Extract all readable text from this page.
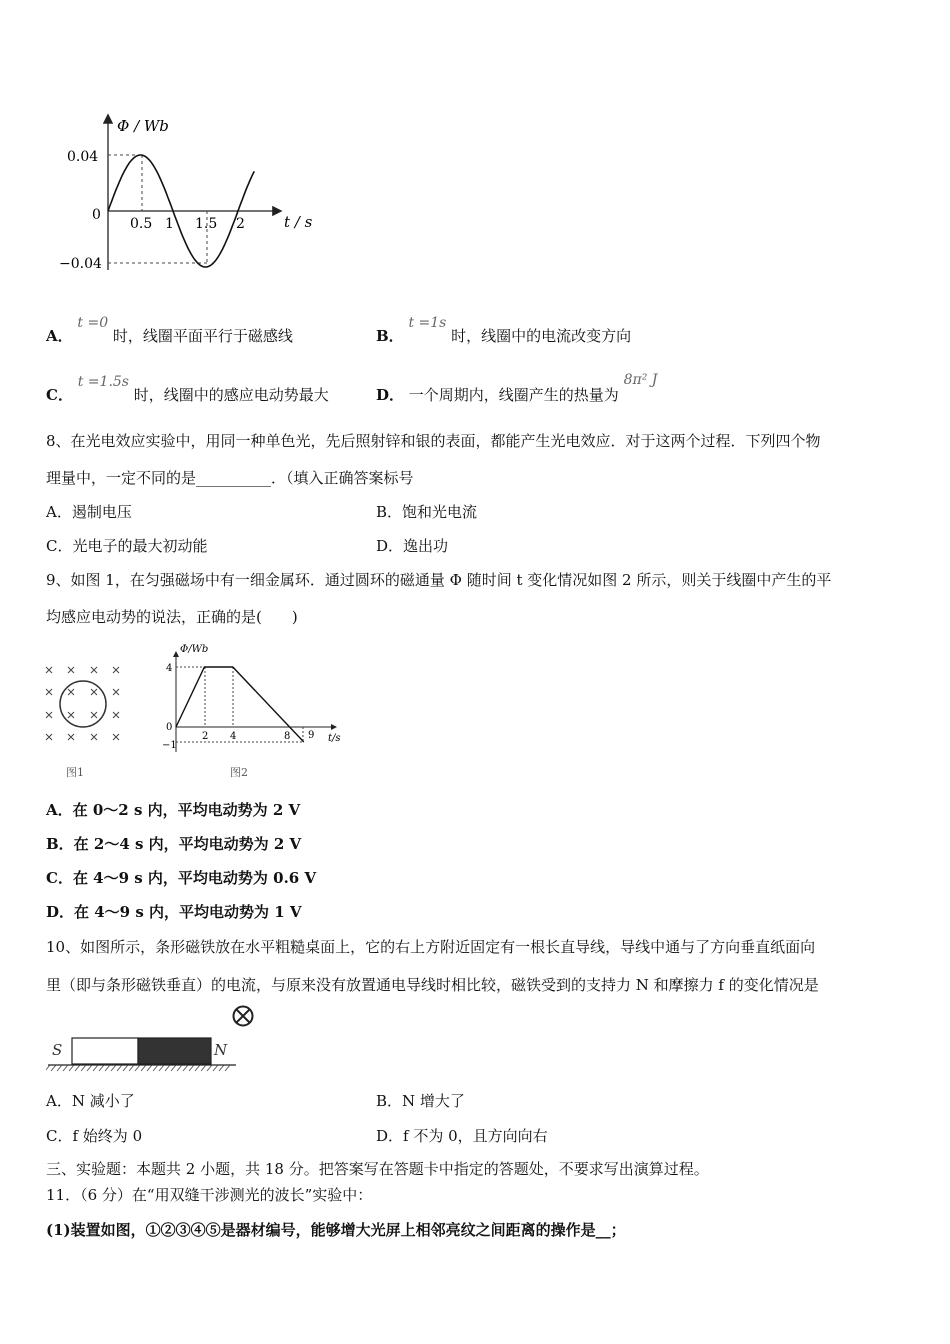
Φ / Wb
t / s
0.04
0
−0.04
0.5 1 1.5 2
A． t =0 时，线圈平面平行于磁感线	B． t =1s 时，线圈中的电流改变方向
C． t =1.5s 时，线圈中的感应电动势最大	D． 一个周期内，线圈产生的热量为 8π² J
8、在光电效应实验中，用同一种单色光，先后照射锌和银的表面，都能产生光电效应．对于这两个过程．下列四个物
理量中，一定不同的是__________．（填入正确答案标号
A．遏制电压	B．饱和光电流
C．光电子的最大初动能	D．逸出功
9、如图 1，在匀强磁场中有一细金属环．通过圆环的磁通量 Φ 随时间 t 变化情况如图 2 所示，则关于线圈中产生的平
均感应电动势的说法，正确的是(　　)
图1
Φ/Wb
t/s
4
0
−1
2 4	8 9
图2
A．在 0～2 s 内，平均电动势为 2 V
B．在 2～4 s 内，平均电动势为 2 V
C．在 4～9 s 内，平均电动势为 0.6 V
D．在 4～9 s 内，平均电动势为 1 V
10、如图所示，条形磁铁放在水平粗糙桌面上，它的右上方附近固定有一根长直导线，导线中通与了方向垂直纸面向
里（即与条形磁铁垂直）的电流，与原来没有放置通电导线时相比较，磁铁受到的支持力 N 和摩擦力 f 的变化情况是
S	N
A．N 减小了	B．N 增大了
C．f 始终为 0	D．f 不为 0，且方向向右
三、实验题：本题共 2 小题，共 18 分。把答案写在答题卡中指定的答题处，不要求写出演算过程。
11．（6 分）在“用双缝干涉测光的波长”实验中：
(1)装置如图，①②③④⑤是器材编号，能够增大光屏上相邻亮纹之间距离的操作是__；
